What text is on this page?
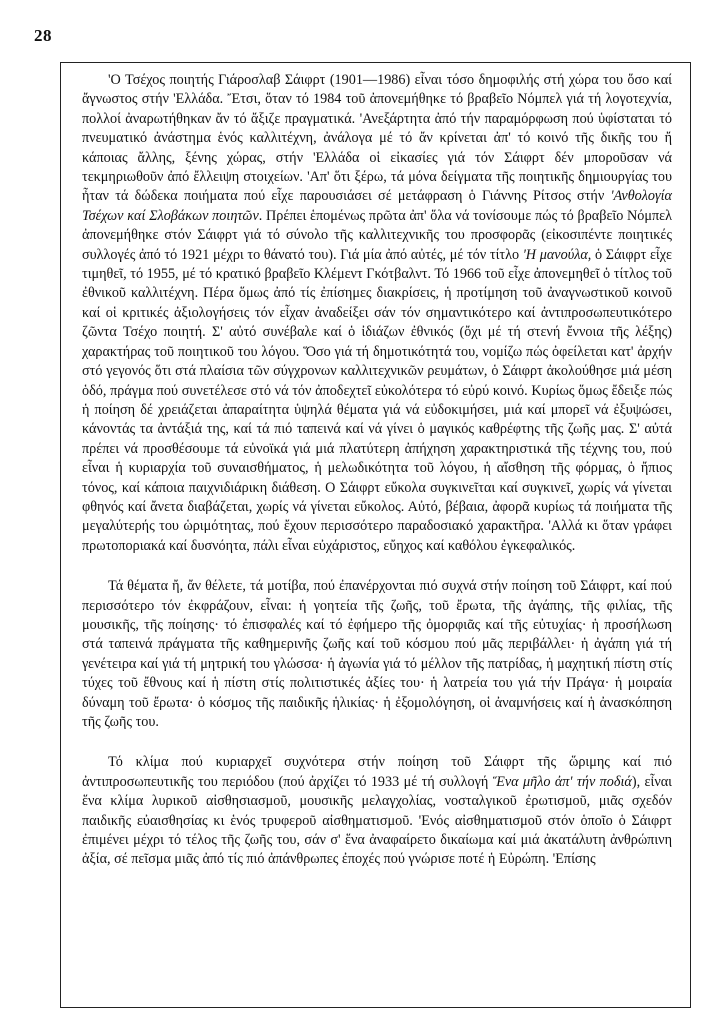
28

'Ο Τσέχος ποιητής Γιάροσλαβ Σάιφρτ (1901—1986) εἶναι τόσο δημοφιλής στή χώρα του ὅσο καί ἄγνωστος στήν 'Ελλάδα. Ἔτσι, ὅταν τό 1984 τοῦ ἀπονεμήθηκε τό βραβεῖο Νόμπελ γιά τή λογοτεχνία, πολλοί ἀναρωτήθηκαν ἄν τό ἄξιζε πραγματικά. 'Ανεξάρτητα ἀπό τήν παραμόρφωση πού ὑφίσταται τό πνευματικό ἀνάστημα ἑνός καλλιτέχνη, ἀνάλογα μέ τό ἄν κρίνεται ἀπ' τό κοινό τῆς δικῆς του ἤ κάποιας ἄλλης, ξένης χώρας, στήν 'Ελλάδα οἱ εἰκασίες γιά τόν Σάιφρτ δέν μποροῦσαν νά τεκμηριωθοῦν ἀπό ἔλλειψη στοιχείων. 'Απ' ὅτι ξέρω, τά μόνα δείγματα τῆς ποιητικῆς δημιουργίας του ἦταν τά δώδεκα ποιήματα πού εἶχε παρουσιάσει σέ μετάφραση ὁ Γιάννης Ρίτσος στήν 'Ανθολογία Τσέχων καί Σλοβάκων ποιητῶν. Πρέπει ἑπομένως πρῶτα ἀπ' ὅλα νά τονίσουμε πώς τό βραβεῖο Νόμπελ ἀπονεμήθηκε στόν Σάιφρτ γιά τό σύνολο τῆς καλλιτεχνικῆς του προσφορᾶς (εἰκοσιπέντε ποιητικές συλλογές ἀπό τό 1921 μέχρι το θάνατό του). Γιά μία ἀπό αὐτές, μέ τόν τίτλο 'Η μανούλα, ὁ Σάιφρτ εἶχε τιμηθεῖ, τό 1955, μέ τό κρατικό βραβεῖο Κλέμεντ Γκότβαλντ. Τό 1966 τοῦ εἶχε ἀπονεμηθεῖ ὁ τίτλος τοῦ ἐθνικοῦ καλλιτέχνη. Πέρα ὅμως ἀπό τίς ἐπίσημες διακρίσεις, ἡ προτίμηση τοῦ ἀναγνωστικοῦ κοινοῦ καί οἱ κριτικές ἀξιολογήσεις τόν εἶχαν ἀναδείξει σάν τόν σημαντικότερο καί ἀντιπροσωπευτικότερο ζῶντα Τσέχο ποιητή. Σ' αὐτό συνέβαλε καί ὁ ἰδιάζων ἐθνικός (ὄχι μέ τή στενή ἔννοια τῆς λέξης) χαρακτήρας τοῦ ποιητικοῦ του λόγου. Ὅσο γιά τή δημοτικότητά του, νομίζω πώς ὀφείλεται κατ' ἀρχήν στό γεγονός ὅτι στά πλαίσια τῶν σύγχρονων καλλιτεχνικῶν ρευμάτων, ὁ Σάιφρτ ἀκολούθησε μιά μέση ὁδό, πράγμα πού συνετέλεσε στό νά τόν ἀποδεχτεῖ εὐκολότερα τό εὐρύ κοινό. Κυρίως ὅμως ἔδειξε πώς ἡ ποίηση δέ χρειάζεται ἀπαραίτητα ὑψηλά θέματα γιά νά εὐδοκιμήσει, μιά καί μπορεῖ νά ἐξυψώσει, κάνοντάς τα ἀντάξιά της, καί τά πιό ταπεινά καί νά γίνει ὁ μαγικός καθρέφτης τῆς ζωῆς μας. Σ' αὐτά πρέπει νά προσθέσουμε τά εὐνοϊκά γιά μιά πλατύτερη ἀπήχηση χαρακτηριστικά τῆς τέχνης του, πού εἶναι ἡ κυριαρχία τοῦ συναισθήματος, ἡ μελωδικότητα τοῦ λόγου, ἡ αἴσθηση τῆς φόρμας, ὁ ἤπιος τόνος, καί κάποια παιχνιδιάρικη διάθεση. Ο Σάιφρτ εὔκολα συγκινεῖται καί συγκινεῖ, χωρίς νά γίνεται φθηνός καί ἄνετα διαβάζεται, χωρίς νά γίνεται εὔκολος. Αὐτό, βέβαια, ἀφορᾶ κυρίως τά ποιήματα τῆς μεγαλύτερής του ὡριμότητας, πού ἔχουν περισσότερο παραδοσιακό χαρακτῆρα. 'Αλλά κι ὅταν γράφει πρωτοποριακά καί δυσνόητα, πάλι εἶναι εὐχάριστος, εὔηχος καί καθόλου ἐγκεφαλικός.

Τά θέματα ἤ, ἄν θέλετε, τά μοτίβα, πού ἐπανέρχονται πιό συχνά στήν ποίηση τοῦ Σάιφρτ, καί πού περισσότερο τόν ἐκφράζουν, εἶναι: ἡ γοητεία τῆς ζωῆς, τοῦ ἔρωτα, τῆς ἀγάπης, τῆς φιλίας, τῆς μουσικῆς, τῆς ποίησης· τό ἐπισφαλές καί τό ἐφήμερο τῆς ὀμορφιᾶς καί τῆς εὐτυχίας· ἡ προσήλωση στά ταπεινά πράγματα τῆς καθημερινῆς ζωῆς καί τοῦ κόσμου πού μᾶς περιβάλλει· ἡ ἀγάπη γιά τή γενέτειρα καί γιά τή μητρική του γλώσσα· ἡ ἀγωνία γιά τό μέλλον τῆς πατρίδας, ἡ μαχητική πίστη στίς τύχες τοῦ ἔθνους καί ἡ πίστη στίς πολιτιστικές ἀξίες του· ἡ λατρεία του γιά τήν Πράγα· ἡ μοιραία δύναμη τοῦ ἔρωτα· ὁ κόσμος τῆς παιδικῆς ἡλικίας· ἡ ἐξομολόγηση, οἱ ἀναμνήσεις καί ἡ ἀνασκόπηση τῆς ζωῆς του.

Τό κλίμα πού κυριαρχεῖ συχνότερα στήν ποίηση τοῦ Σάιφρτ τῆς ὥριμης καί πιό ἀντιπροσωπευτικῆς του περιόδου (πού ἀρχίζει τό 1933 μέ τή συλλογή Ἕνα μῆλο ἀπ' τήν ποδιά), εἶναι ἕνα κλίμα λυρικοῦ αἰσθησιασμοῦ, μουσικῆς μελαγχολίας, νοσταλγικοῦ ἐρωτισμοῦ, μιᾶς σχεδόν παιδικῆς εὐαισθησίας κι ἑνός τρυφεροῦ αἰσθηματισμοῦ. 'Ενός αἰσθηματισμοῦ στόν ὁποῖο ὁ Σάιφρτ ἐπιμένει μέχρι τό τέλος τῆς ζωῆς του, σάν σ' ἕνα ἀναφαίρετο δικαίωμα καί μιά ἀκατάλυτη ἀνθρώπινη ἀξία, σέ πεῖσμα μιᾶς ἀπό τίς πιό ἀπάνθρωπες ἐποχές πού γνώρισε ποτέ ἡ Εὐρώπη. 'Επίσης
